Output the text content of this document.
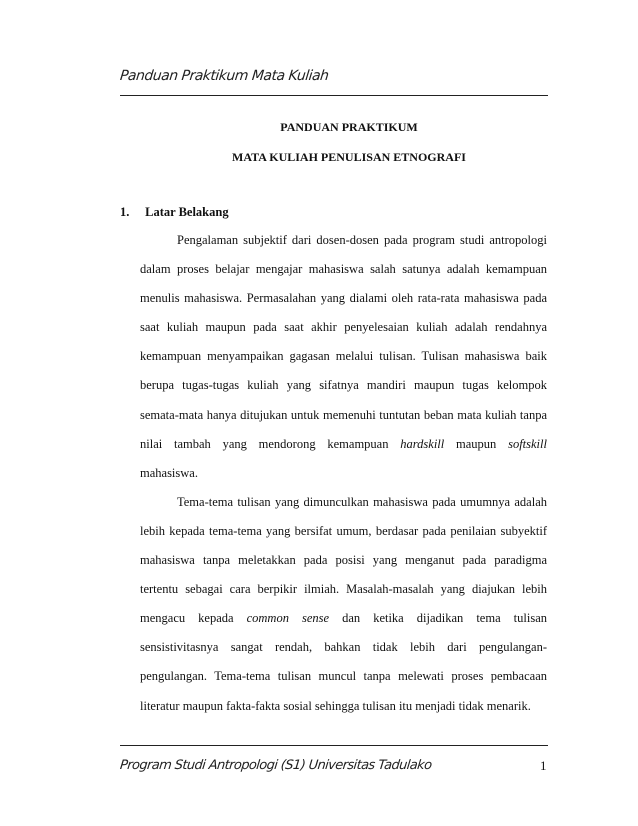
Panduan Praktikum Mata Kuliah
PANDUAN PRAKTIKUM
MATA KULIAH PENULISAN ETNOGRAFI
1. Latar Belakang

Pengalaman subjektif dari dosen-dosen pada program studi antropologi dalam proses belajar mengajar mahasiswa salah satunya adalah kemampuan menulis mahasiswa. Permasalahan yang dialami oleh rata-rata mahasiswa pada saat kuliah maupun pada saat akhir penyelesaian kuliah adalah rendahnya kemampuan menyampaikan gagasan melalui tulisan. Tulisan mahasiswa baik berupa tugas-tugas kuliah yang sifatnya mandiri maupun tugas kelompok semata-mata hanya ditujukan untuk memenuhi tuntutan beban mata kuliah tanpa nilai tambah yang mendorong kemampuan hardskill maupun softskill mahasiswa.

Tema-tema tulisan yang dimunculkan mahasiswa pada umumnya adalah lebih kepada tema-tema yang bersifat umum, berdasar pada penilaian subyektif mahasiswa tanpa meletakkan pada posisi yang menganut pada paradigma tertentu sebagai cara berpikir ilmiah. Masalah-masalah yang diajukan lebih mengacu kepada common sense dan ketika dijadikan tema tulisan sensistivitasnya sangat rendah, bahkan tidak lebih dari pengulangan-pengulangan. Tema-tema tulisan muncul tanpa melewati proses pembacaan literatur maupun fakta-fakta sosial sehingga tulisan itu menjadi tidak menarik.

Program Studi Antropologi (S1) Universitas Tadulako	1
